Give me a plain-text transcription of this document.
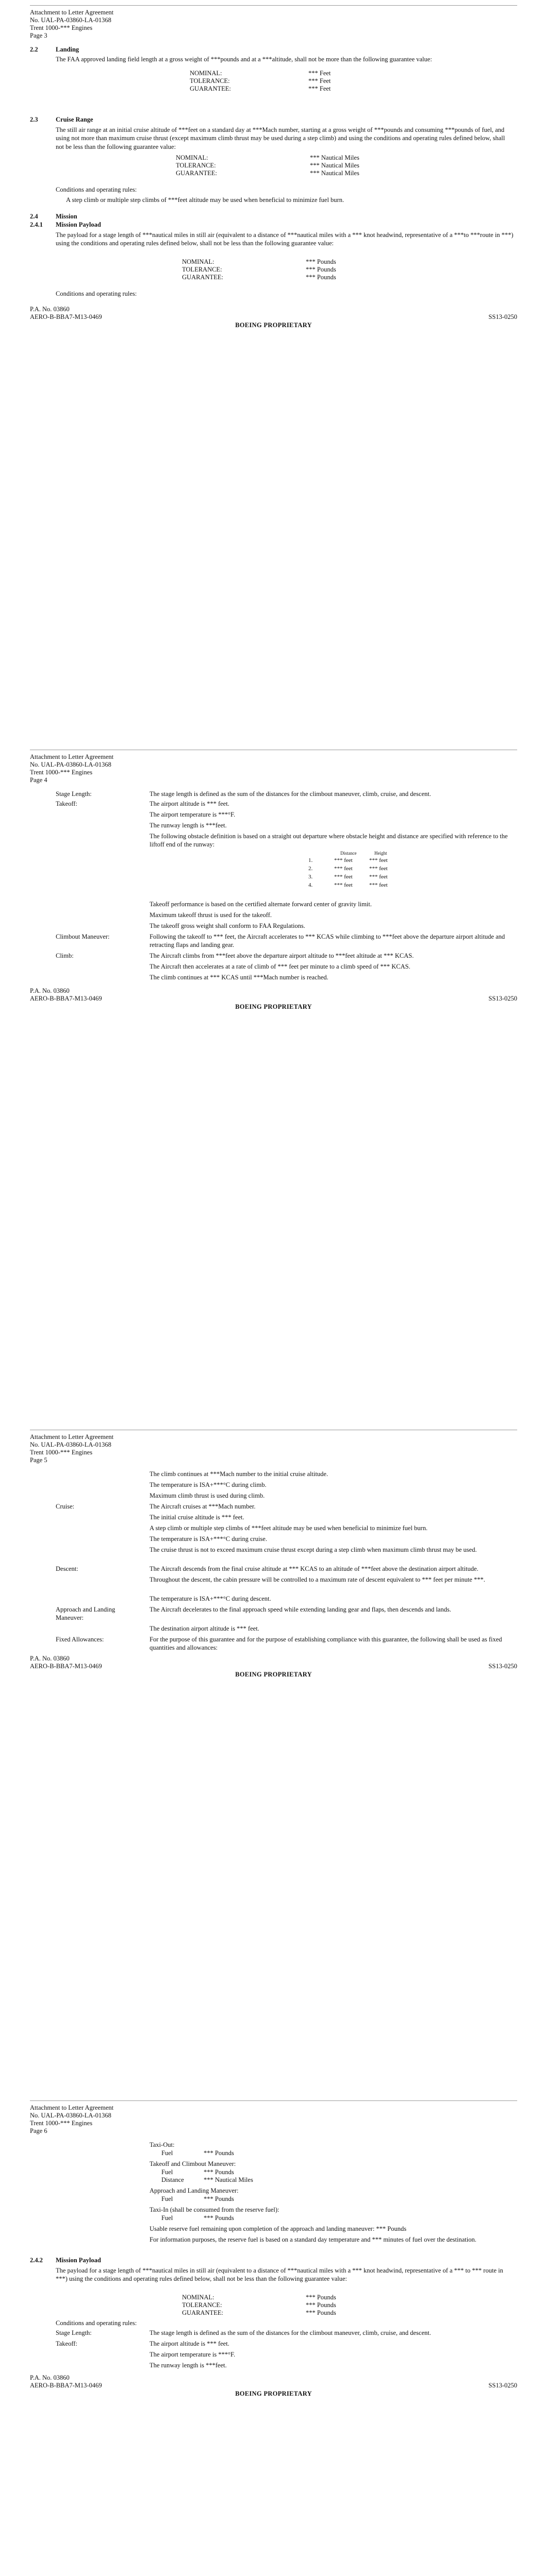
Attachment to Letter Agreement
No. UAL-PA-03860-LA-01368
Trent 1000-*** Engines
Page 3
2.2	Landing
The FAA approved landing field length at a gross weight of ***pounds and at a ***altitude, shall not be more than the following guarantee value:
NOMINAL:	*** Feet
TOLERANCE:	*** Feet
GUARANTEE:	*** Feet
2.3	Cruise Range
The still air range at an initial cruise altitude of ***feet on a standard day at ***Mach number, starting at a gross weight of ***pounds and consuming ***pounds of fuel, and using not more than maximum cruise thrust (except maximum climb thrust may be used during a step climb) and using the conditions and operating rules defined below, shall not be less than the following guarantee value:
NOMINAL:	*** Nautical Miles
TOLERANCE:	*** Nautical Miles
GUARANTEE:	*** Nautical Miles
Conditions and operating rules:
A step climb or multiple step climbs of ***feet altitude may be used when beneficial to minimize fuel burn.
2.4	Mission
2.4.1 Mission Payload
The payload for a stage length of ***nautical miles in still air (equivalent to a distance of ***nautical miles with a *** knot headwind, representative of a ***to ***route in ***) using the conditions and operating rules defined below, shall not be less than the following guarantee value:
NOMINAL:	*** Pounds
TOLERANCE:	*** Pounds
GUARANTEE:	*** Pounds
Conditions and operating rules:
P.A. No. 03860
AERO-B-BBA7-M13-0469	SS13-0250
BOEING PROPRIETARY
Attachment to Letter Agreement
No. UAL-PA-03860-LA-01368
Trent 1000-*** Engines
Page 4
Stage Length:	The stage length is defined as the sum of the distances for the climbout maneuver, climb, cruise, and descent.
Takeoff:	The airport altitude is *** feet.
The airport temperature is ***°F.
The runway length is ***feet.
The following obstacle definition is based on a straight out departure where obstacle height and distance are specified with reference to the liftoff end of the runway:
Distance	Height
1.	*** feet	*** feet
2.	*** feet	*** feet
3.	*** feet	*** feet
4.	*** feet	*** feet
Takeoff performance is based on the certified alternate forward center of gravity limit.
Maximum takeoff thrust is used for the takeoff.
The takeoff gross weight shall conform to FAA Regulations.
Climbout Maneuver:	Following the takeoff to *** feet, the Aircraft accelerates to *** KCAS while climbing to ***feet above the departure airport altitude and retracting flaps and landing gear.
Climb:	The Aircraft climbs from ***feet above the departure airport altitude to ***feet altitude at *** KCAS.
The Aircraft then accelerates at a rate of climb of *** feet per minute to a climb speed of *** KCAS.
The climb continues at *** KCAS until ***Mach number is reached.
P.A. No. 03860
AERO-B-BBA7-M13-0469	SS13-0250
BOEING PROPRIETARY
Attachment to Letter Agreement
No. UAL-PA-03860-LA-01368
Trent 1000-*** Engines
Page 5
The climb continues at ***Mach number to the initial cruise altitude.
The temperature is ISA+***°C during climb.
Maximum climb thrust is used during climb.
Cruise:	The Aircraft cruises at ***Mach number.
The initial cruise altitude is *** feet.
A step climb or multiple step climbs of ***feet altitude may be used when beneficial to minimize fuel burn.
The temperature is ISA+***°C during cruise.
The cruise thrust is not to exceed maximum cruise thrust except during a step climb when maximum climb thrust may be used.
Descent:	The Aircraft descends from the final cruise altitude at *** KCAS to an altitude of ***feet above the destination airport altitude.
Throughout the descent, the cabin pressure will be controlled to a maximum rate of descent equivalent to *** feet per minute ***.
The temperature is ISA+***°C during descent.
Approach and Landing
Maneuver:
The Aircraft decelerates to the final approach speed while extending landing gear and flaps, then descends and lands.
The destination airport altitude is *** feet.
Fixed Allowances:	For the purpose of this guarantee and for the purpose of establishing compliance with this guarantee, the following shall be used as fixed quantities and allowances:
P.A. No. 03860
AERO-B-BBA7-M13-0469	SS13-0250
BOEING PROPRIETARY
Attachment to Letter Agreement
No. UAL-PA-03860-LA-01368
Trent 1000-*** Engines
Page 6
Taxi-Out:
Fuel	*** Pounds
Takeoff and Climbout Maneuver:
Fuel	*** Pounds
Distance	*** Nautical Miles
Approach and Landing Maneuver:
Fuel	*** Pounds
Taxi-In (shall be consumed from the reserve fuel):
Fuel	*** Pounds
Usable reserve fuel remaining upon completion of the approach and landing maneuver: *** Pounds
For information purposes, the reserve fuel is based on a standard day temperature and *** minutes of fuel over the destination.
2.4.2 Mission Payload
The payload for a stage length of ***nautical miles in still air (equivalent to a distance of ***nautical miles with a *** knot headwind, representative of a *** to *** route in ***) using the conditions and operating rules defined below, shall not be less than the following guarantee value:
NOMINAL:	*** Pounds
TOLERANCE:	*** Pounds
GUARANTEE:	*** Pounds
Conditions and operating rules:
Stage Length:	The stage length is defined as the sum of the distances for the climbout maneuver, climb, cruise, and descent.
Takeoff:	The airport altitude is *** feet.
The airport temperature is ***°F.
The runway length is ***feet.
P.A. No. 03860
AERO-B-BBA7-M13-0469	SS13-0250
BOEING PROPRIETARY
